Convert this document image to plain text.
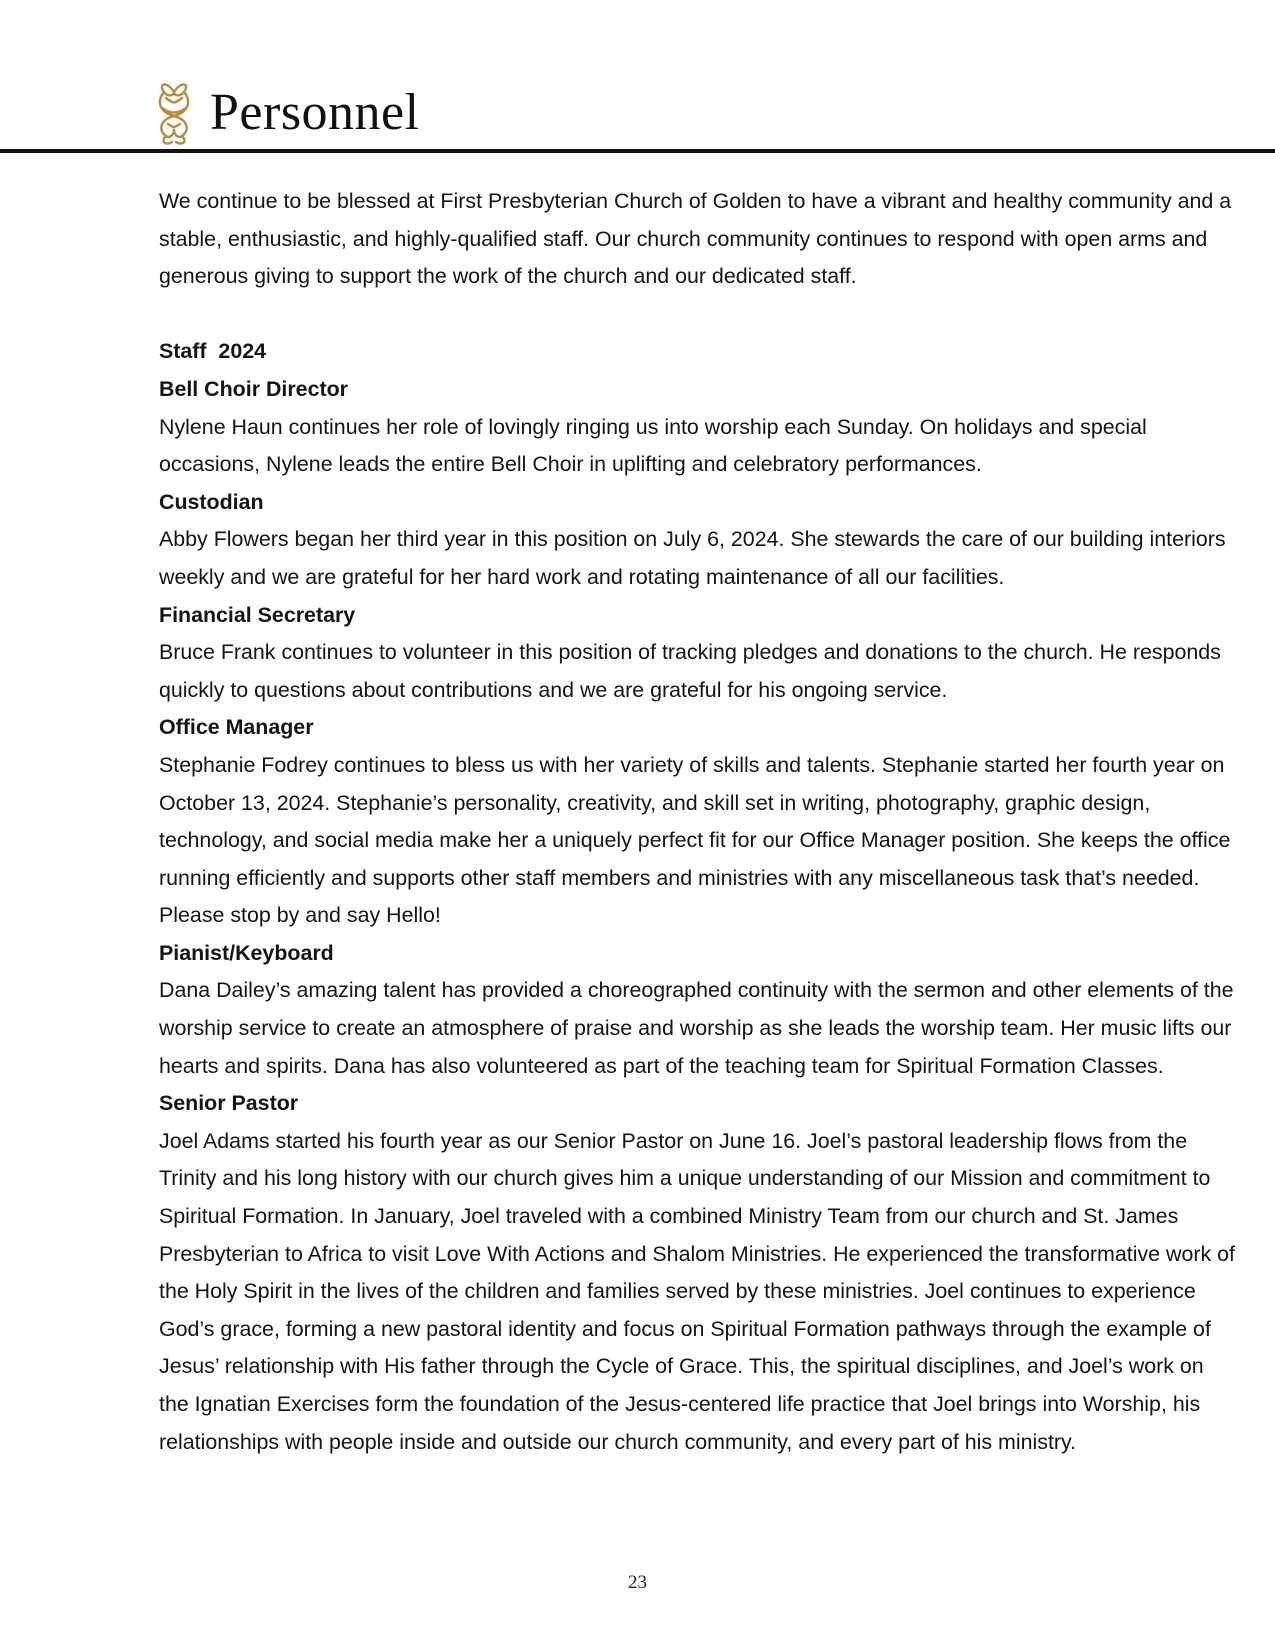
Personnel

We continue to be blessed at First Presbyterian Church of Golden to have a vibrant and healthy community and a stable, enthusiastic, and highly-qualified staff. Our church community continues to respond with open arms and generous giving to support the work of the church and our dedicated staff.

Staff  2024

Bell Choir Director

Nylene Haun continues her role of lovingly ringing us into worship each Sunday. On holidays and special occasions, Nylene leads the entire Bell Choir in uplifting and celebratory performances.

Custodian

Abby Flowers began her third year in this position on July 6, 2024. She stewards the care of our building interiors weekly and we are grateful for her hard work and rotating maintenance of all our facilities.

Financial Secretary

Bruce Frank continues to volunteer in this position of tracking pledges and donations to the church. He responds quickly to questions about contributions and we are grateful for his ongoing service.

Office Manager

Stephanie Fodrey continues to bless us with her variety of skills and talents. Stephanie started her fourth year on October 13, 2024. Stephanie’s personality, creativity, and skill set in writing, photography, graphic design, technology, and social media make her a uniquely perfect fit for our Office Manager position. She keeps the office running efficiently and supports other staff members and ministries with any miscellaneous task that’s needed. Please stop by and say Hello!

Pianist/Keyboard

Dana Dailey’s amazing talent has provided a choreographed continuity with the sermon and other elements of the worship service to create an atmosphere of praise and worship as she leads the worship team. Her music lifts our hearts and spirits. Dana has also volunteered as part of the teaching team for Spiritual Formation Classes.

Senior Pastor

Joel Adams started his fourth year as our Senior Pastor on June 16. Joel’s pastoral leadership flows from the Trinity and his long history with our church gives him a unique understanding of our Mission and commitment to Spiritual Formation. In January, Joel traveled with a combined Ministry Team from our church and St. James Presbyterian to Africa to visit Love With Actions and Shalom Ministries. He experienced the transformative work of the Holy Spirit in the lives of the children and families served by these ministries. Joel continues to experience God’s grace, forming a new pastoral identity and focus on Spiritual Formation pathways through the example of Jesus’ relationship with His father through the Cycle of Grace. This, the spiritual disciplines, and Joel’s work on the Ignatian Exercises form the foundation of the Jesus-centered life practice that Joel brings into Worship, his relationships with people inside and outside our church community, and every part of his ministry.

23
